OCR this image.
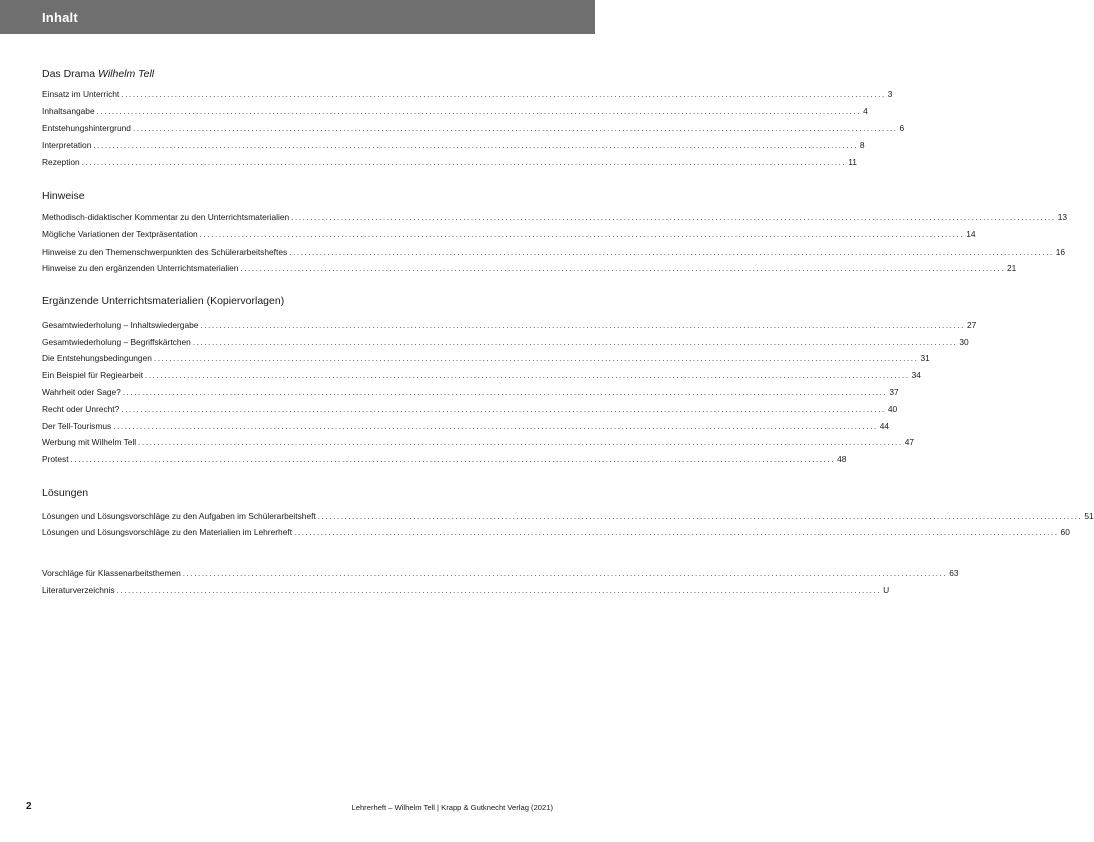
Inhalt
Das Drama Wilhelm Tell
Einsatz im Unterricht ........................................................................................................................................................................................................ 3
Inhaltsangabe ........................................................................................................................................................................................................ 4
Entstehungshintergrund ........................................................................................................................................................................................................ 6
Interpretation ........................................................................................................................................................................................................ 8
Rezeption ........................................................................................................................................................................................................ 11
Hinweise
Methodisch-didaktischer Kommentar zu den Unterrichtsmaterialien ........................................................................................................................................................................................................ 13
Mögliche Variationen der Textpräsentation ........................................................................................................................................................................................................ 14
Hinweise zu den Themenschwerpunkten des Schülerarbeitsheftes ........................................................................................................................................................................................................ 16
Hinweise zu den ergänzenden Unterrichtsmaterialien ........................................................................................................................................................................................................ 21
Ergänzende Unterrichtsmaterialien (Kopiervorlagen)
Gesamtwiederholung – Inhaltswiedergabe ........................................................................................................................................................................................................ 27
Gesamtwiederholung – Begriffskärtchen ........................................................................................................................................................................................................ 30
Die Entstehungsbedingungen ........................................................................................................................................................................................................ 31
Ein Beispiel für Regiearbeit ........................................................................................................................................................................................................ 34
Wahrheit oder Sage? ........................................................................................................................................................................................................ 37
Recht oder Unrecht? ........................................................................................................................................................................................................ 40
Der Tell-Tourismus ........................................................................................................................................................................................................ 44
Werbung mit Wilhelm Tell ........................................................................................................................................................................................................ 47
Protest ........................................................................................................................................................................................................ 48
Lösungen
Lösungen und Lösungsvorschläge zu den Aufgaben im Schülerarbeitsheft ........................................................................................................................................................................................................ 51
Lösungen und Lösungsvorschläge zu den Materialien im Lehrerheft ........................................................................................................................................................................................................ 60
Vorschläge für Klassenarbeitsthemen ........................................................................................................................................................................................................ 63
Literaturverzeichnis ........................................................................................................................................................................................................ U
2	Lehrerheft – Wilhelm Tell | Krapp & Gutknecht Verlag (2021)
